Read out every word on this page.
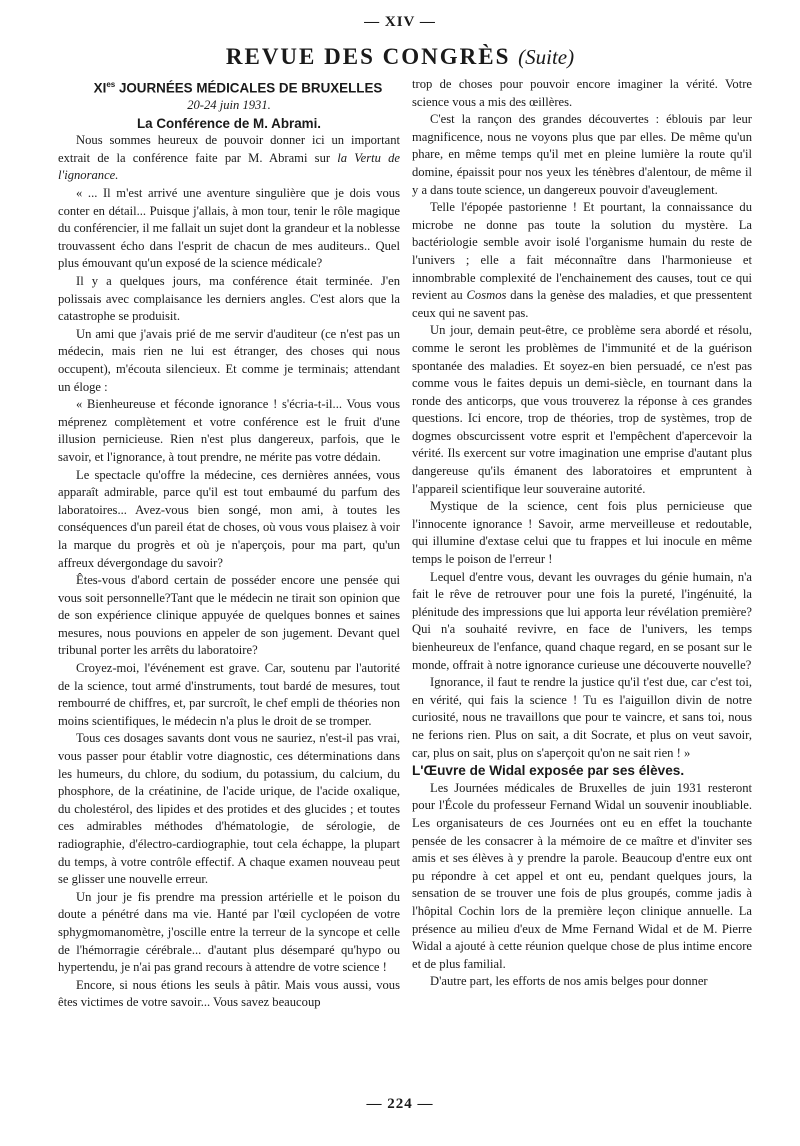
— XIV —
REVUE DES CONGRÈS (Suite)

$XI^{es}$ JOURNÉES MÉDICALES DE BRUXELLES

20-24 juin 1931.

La Conférence de M. Abrami.

Nous sommes heureux de pouvoir donner ici un important extrait de la conférence faite par M. Abrami sur la Vertu de l'ignorance.

« ... Il m'est arrivé une aventure singulière que je dois vous conter en détail... Puisque j'allais, à mon tour, tenir le rôle magique du conférencier, il me fallait un sujet dont la grandeur et la noblesse trouvassent écho dans l'esprit de chacun de mes auditeurs.. Quel plus émouvant qu'un exposé de la science médicale?

Il y a quelques jours, ma conférence était terminée. J'en polissais avec complaisance les derniers angles. C'est alors que la catastrophe se produisit.

Un ami que j'avais prié de me servir d'auditeur (ce n'est pas un médecin, mais rien ne lui est étranger, des choses qui nous occupent), m'écouta silencieux. Et comme je terminais; attendant un éloge :

« Bienheureuse et féconde ignorance ! s'écria-t-il... Vous vous méprenez complètement et votre conférence est le fruit d'une illusion pernicieuse. Rien n'est plus dangereux, parfois, que le savoir, et l'ignorance, à tout prendre, ne mérite pas votre dédain.

Le spectacle qu'offre la médecine, ces dernières années, vous apparaît admirable, parce qu'il est tout embaumé du parfum des laboratoires... Avez-vous bien songé, mon ami, à toutes les conséquences d'un pareil état de choses, où vous vous plaisez à voir la marque du progrès et où je n'aperçois, pour ma part, qu'un affreux dévergondage du savoir?

Êtes-vous d'abord certain de posséder encore une pensée qui vous soit personnelle?Tant que le médecin ne tirait son opinion que de son expérience clinique appuyée de quelques bonnes et saines mesures, nous pouvions en appeler de son jugement. Devant quel tribunal porter les arrêts du laboratoire?

Croyez-moi, l'événement est grave. Car, soutenu par l'autorité de la science, tout armé d'instruments, tout bardé de mesures, tout rembourré de chiffres, et, par surcroît, le chef empli de théories non moins scientifiques, le médecin n'a plus le droit de se tromper.

Tous ces dosages savants dont vous ne sauriez, n'est-il pas vrai, vous passer pour établir votre diagnostic, ces déterminations dans les humeurs, du chlore, du sodium, du potassium, du calcium, du phosphore, de la créatinine, de l'acide urique, de l'acide oxalique, du cholestérol, des lipides et des protides et des glucides ; et toutes ces admirables méthodes d'hématologie, de sérologie, de radiographie, d'électro-cardiographie, tout cela échappe, la plupart du temps, à votre contrôle effectif. A chaque examen nouveau peut se glisser une nouvelle erreur.

Un jour je fis prendre ma pression artérielle et le poison du doute a pénétré dans ma vie. Hanté par l'œil cyclopéen de votre sphygmomanomètre, j'oscille entre la terreur de la syncope et celle de l'hémorragie cérébrale... d'autant plus désemparé qu'hypo ou hypertendu, je n'ai pas grand recours à attendre de votre science !

Encore, si nous étions les seuls à pâtir. Mais vous aussi, vous êtes victimes de votre savoir... Vous savez beaucoup

trop de choses pour pouvoir encore imaginer la vérité. Votre science vous a mis des œillères.

C'est la rançon des grandes découvertes : éblouis par leur magnificence, nous ne voyons plus que par elles. De même qu'un phare, en même temps qu'il met en pleine lumière la route qu'il domine, épaissit pour nos yeux les ténèbres d'alentour, de même il y a dans toute science, un dangereux pouvoir d'aveuglement.

Telle l'épopée pastorienne ! Et pourtant, la connaissance du microbe ne donne pas toute la solution du mystère. La bactériologie semble avoir isolé l'organisme humain du reste de l'univers ; elle a fait méconnaître dans l'harmonieuse et innombrable complexité de l'enchainement des causes, tout ce qui revient au Cosmos dans la genèse des maladies, et que pressentent ceux qui ne savent pas.

Un jour, demain peut-être, ce problème sera abordé et résolu, comme le seront les problèmes de l'immunité et de la guérison spontanée des maladies. Et soyez-en bien persuadé, ce n'est pas comme vous le faites depuis un demi-siècle, en tournant dans la ronde des anticorps, que vous trouverez la réponse à ces grandes questions. Ici encore, trop de théories, trop de systèmes, trop de dogmes obscurcissent votre esprit et l'empêchent d'apercevoir la vérité. Ils exercent sur votre imagination une emprise d'autant plus dangereuse qu'ils émanent des laboratoires et empruntent à l'appareil scientifique leur souveraine autorité.

Mystique de la science, cent fois plus pernicieuse que l'innocente ignorance ! Savoir, arme merveilleuse et redoutable, qui illumine d'extase celui que tu frappes et lui inocule en même temps le poison de l'erreur !

Lequel d'entre vous, devant les ouvrages du génie humain, n'a fait le rêve de retrouver pour une fois la pureté, l'ingénuité, la plénitude des impressions que lui apporta leur révélation première? Qui n'a souhaité revivre, en face de l'univers, les temps bienheureux de l'enfance, quand chaque regard, en se posant sur le monde, offrait à notre ignorance curieuse une découverte nouvelle?

Ignorance, il faut te rendre la justice qu'il t'est due, car c'est toi, en vérité, qui fais la science ! Tu es l'aiguillon divin de notre curiosité, nous ne travaillons que pour te vaincre, et sans toi, nous ne ferions rien. Plus on sait, a dit Socrate, et plus on veut savoir, car, plus on sait, plus on s'aperçoit qu'on ne sait rien ! »

L'Œuvre de Widal exposée par ses élèves.

Les Journées médicales de Bruxelles de juin 1931 resteront pour l'École du professeur Fernand Widal un souvenir inoubliable. Les organisateurs de ces Journées ont eu en effet la touchante pensée de les consacrer à la mémoire de ce maître et d'inviter ses amis et ses élèves à y prendre la parole. Beaucoup d'entre eux ont pu répondre à cet appel et ont eu, pendant quelques jours, la sensation de se trouver une fois de plus groupés, comme jadis à l'hôpital Cochin lors de la première leçon clinique annuelle. La présence au milieu d'eux de Mme Fernand Widal et de M. Pierre Widal a ajouté à cette réunion quelque chose de plus intime encore et de plus familial.

D'autre part, les efforts de nos amis belges pour donner

— 224 —
